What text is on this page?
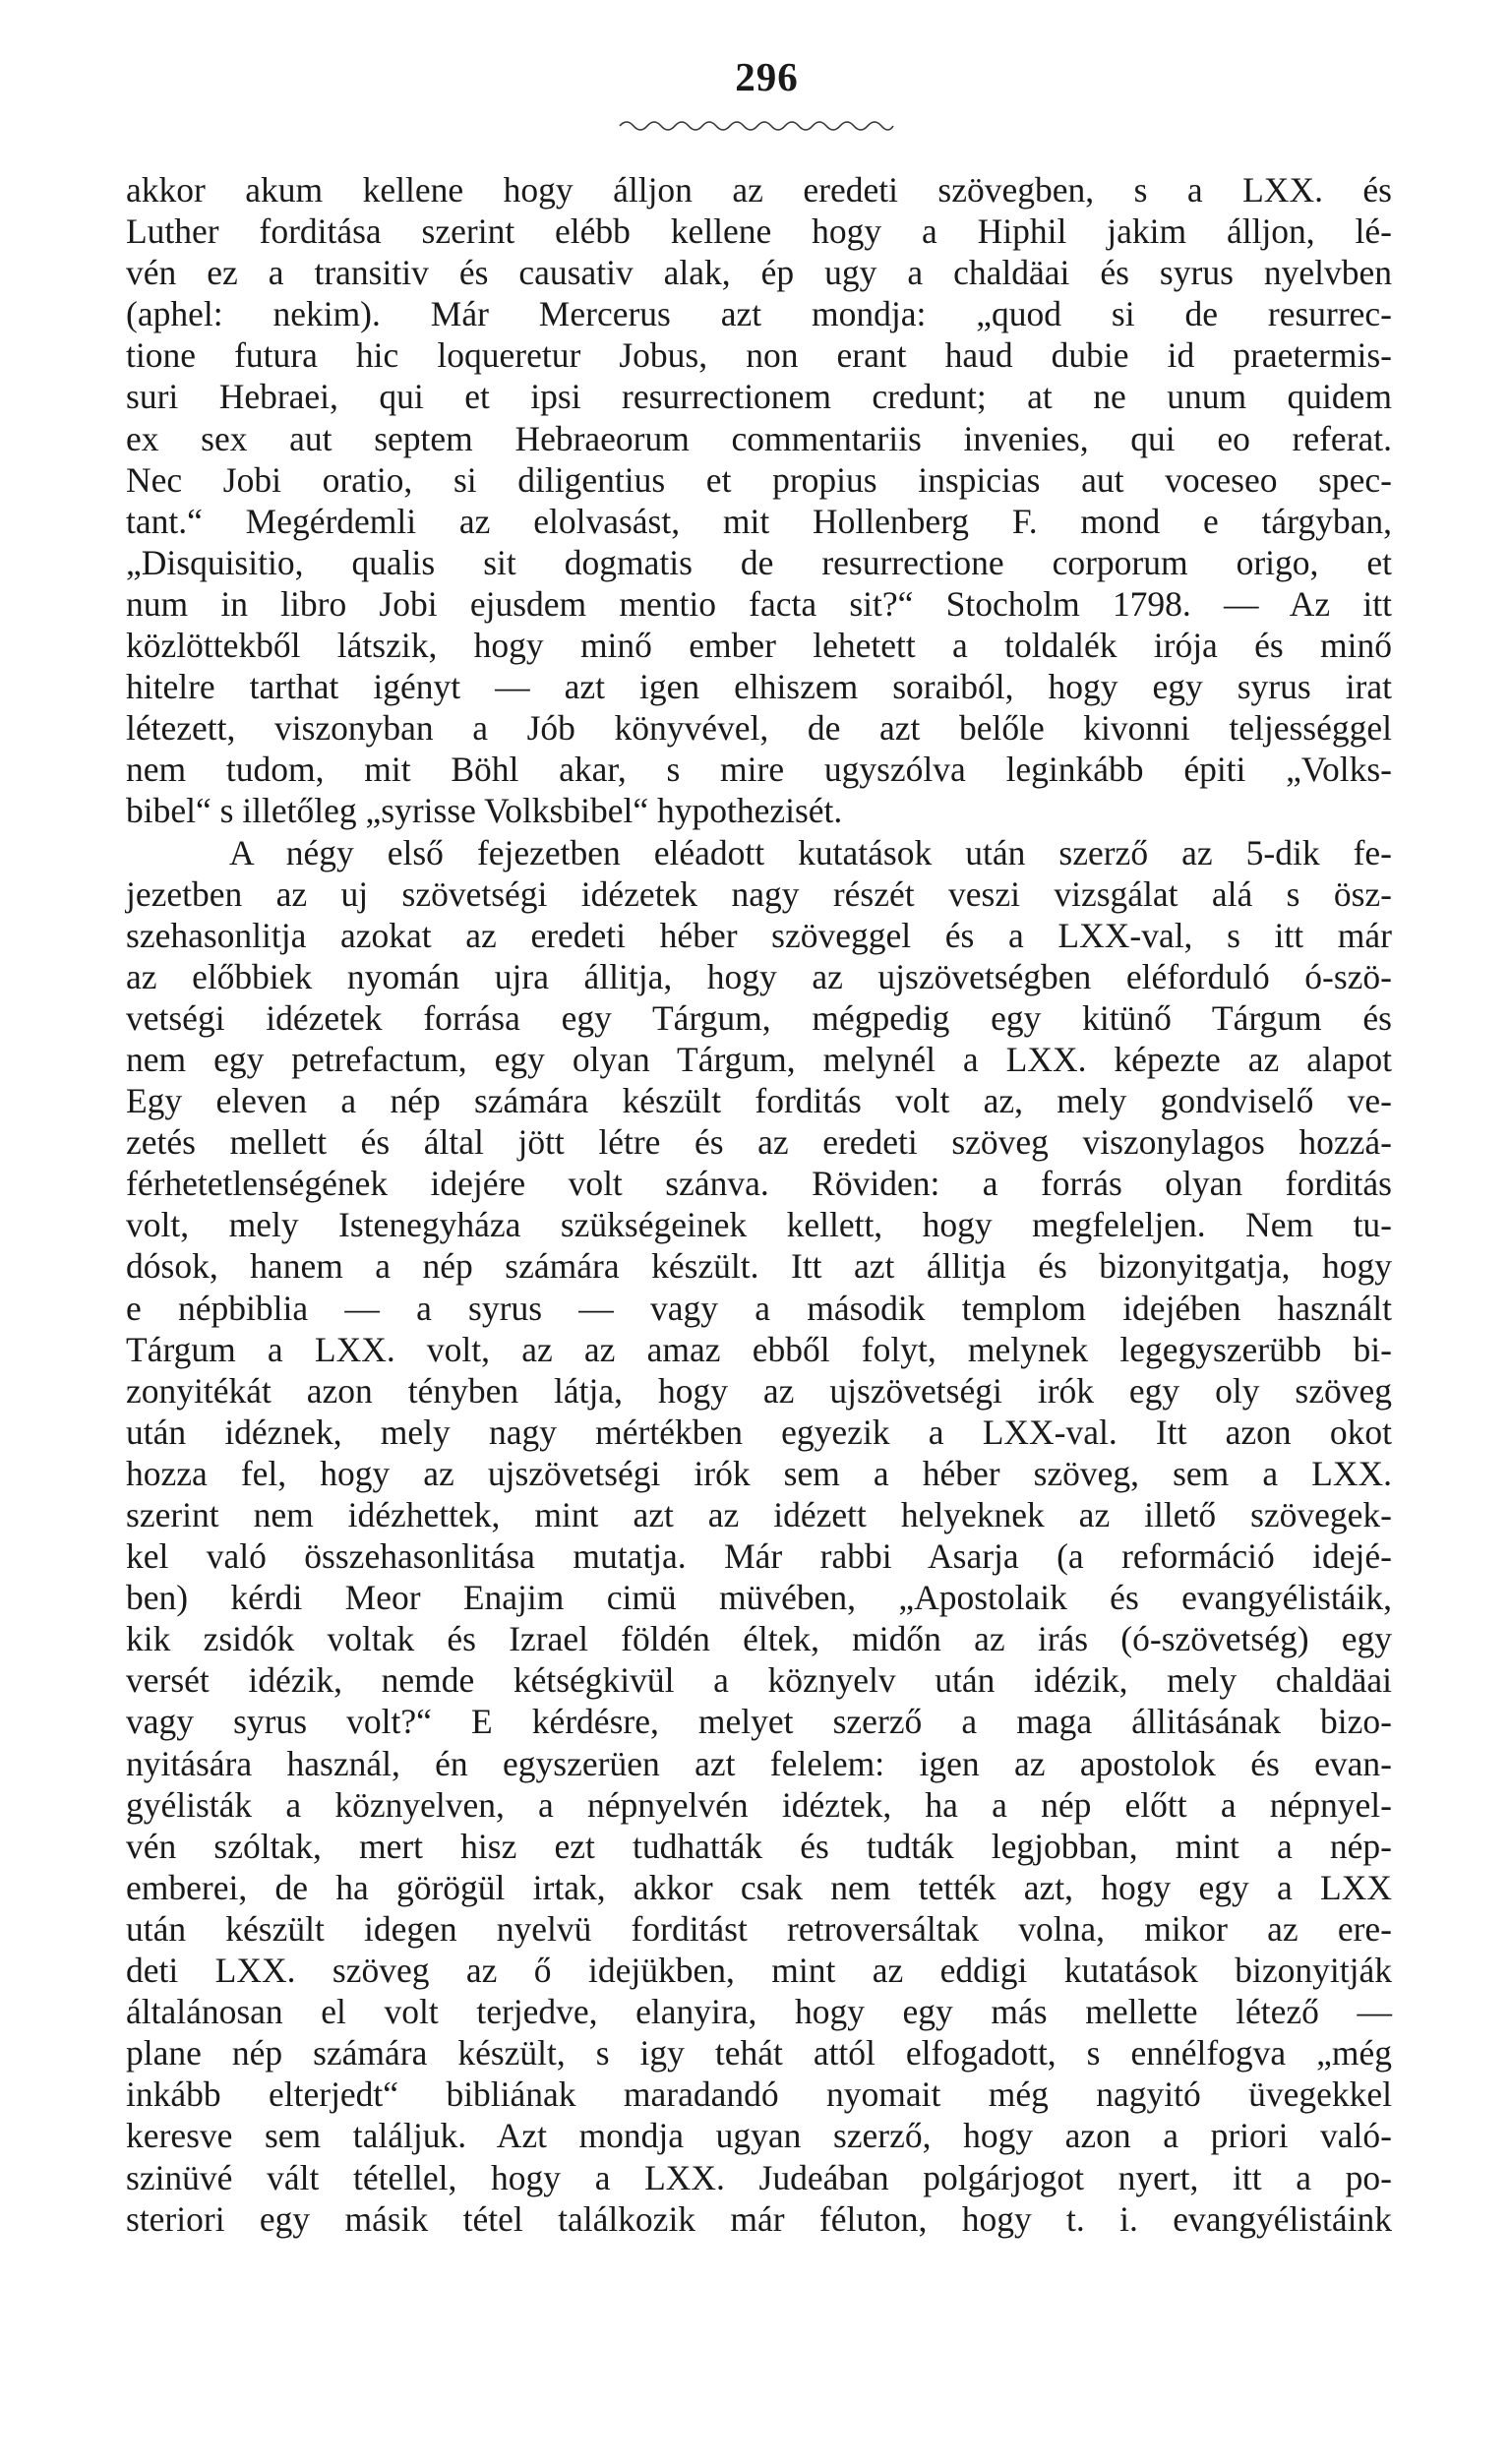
296
akkor akum kellene hogy álljon az eredeti szövegben, s a LXX. és
Luther forditása szerint elébb kellene hogy a Hiphil jakim álljon, lé-
vén ez a transitiv és causativ alak, ép ugy a chaldäai és syrus nyelvben
(aphel: nekim). Már Mercerus azt mondja: „quod si de resurrec-
tione futura hic loqueretur Jobus, non erant haud dubie id praetermis-
suri Hebraei, qui et ipsi resurrectionem credunt; at ne unum quidem
ex sex aut septem Hebraeorum commentariis invenies, qui eo referat.
Nec Jobi oratio, si diligentius et propius inspicias aut voceseo spec-
tant.“ Megérdemli az elolvasást, mit Hollenberg F. mond e tárgyban,
„Disquisitio, qualis sit dogmatis de resurrectione corporum origo, et
num in libro Jobi ejusdem mentio facta sit?“ Stocholm 1798. — Az itt
közlöttekből látszik, hogy minő ember lehetett a toldalék irója és minő
hitelre tarthat igényt — azt igen elhiszem soraiból, hogy egy syrus irat
létezett, viszonyban a Jób könyvével, de azt belőle kivonni teljességgel
nem tudom, mit Böhl akar, s mire ugyszólva leginkább épiti „Volks-
bibel“ s illetőleg „syrisse Volksbibel“ hypothezisét.
A négy első fejezetben eléadott kutatások után szerző az 5-dik fe-
jezetben az uj szövetségi idézetek nagy részét veszi vizsgálat alá s ösz-
szehasonlitja azokat az eredeti héber szöveggel és a LXX-val, s itt már
az előbbiek nyomán ujra állitja, hogy az ujszövetségben eléforduló ó-szö-
vetségi idézetek forrása egy Tárgum, mégpedig egy kitünő Tárgum és
nem egy petrefactum, egy olyan Tárgum, melynél a LXX. képezte az alapot
Egy eleven a nép számára készült forditás volt az, mely gondviselő ve-
zetés mellett és által jött létre és az eredeti szöveg viszonylagos hozzá-
férhetetlenségének idejére volt szánva. Röviden: a forrás olyan forditás
volt, mely Istenegyháza szükségeinek kellett, hogy megfeleljen. Nem tu-
dósok, hanem a nép számára készült. Itt azt állitja és bizonyitgatja, hogy
e népbiblia — a syrus — vagy a második templom idejében használt
Tárgum a LXX. volt, az az amaz ebből folyt, melynek legegyszerübb bi-
zonyitékát azon tényben látja, hogy az ujszövetségi irók egy oly szöveg
után idéznek, mely nagy mértékben egyezik a LXX-val. Itt azon okot
hozza fel, hogy az ujszövetségi irók sem a héber szöveg, sem a LXX.
szerint nem idézhettek, mint azt az idézett helyeknek az illető szövegek-
kel való összehasonlitása mutatja. Már rabbi Asarja (a reformáció idejé-
ben) kérdi Meor Enajim cimü müvében, „Apostolaik és evangyélistáik,
kik zsidók voltak és Izrael földén éltek, midőn az irás (ó-szövetség) egy
versét idézik, nemde kétségkivül a köznyelv után idézik, mely chaldäai
vagy syrus volt?“ E kérdésre, melyet szerző a maga állitásának bizo-
nyitására használ, én egyszerüen azt felelem: igen az apostolok és evan-
gyélisták a köznyelven, a népnyelvén idéztek, ha a nép előtt a népnyel-
vén szóltak, mert hisz ezt tudhatták és tudták legjobban, mint a nép-
emberei, de ha görögül irtak, akkor csak nem tették azt, hogy egy a LXX
után készült idegen nyelvü forditást retroversáltak volna, mikor az ere-
deti LXX. szöveg az ő idejükben, mint az eddigi kutatások bizonyitják
általánosan el volt terjedve, elanyira, hogy egy más mellette létező —
plane nép számára készült, s igy tehát attól elfogadott, s ennélfogva „még
inkább elterjedt“ bibliának maradandó nyomait még nagyitó üvegekkel
keresve sem találjuk. Azt mondja ugyan szerző, hogy azon a priori való-
szinüvé vált tétellel, hogy a LXX. Judeában polgárjogot nyert, itt a po-
steriori egy másik tétel találkozik már féluton, hogy t. i. evangyélistáink
